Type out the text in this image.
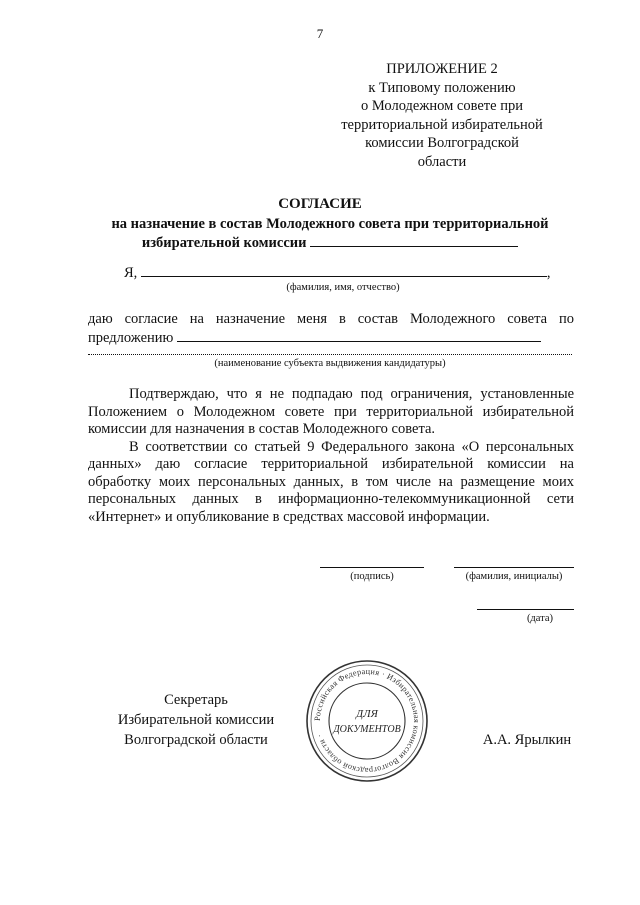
7
ПРИЛОЖЕНИЕ 2
к Типовому положению
о Молодежном совете при
территориальной избирательной
комиссии Волгоградской
области
СОГЛАСИЕ
на назначение в состав Молодежного совета при территориальной
избирательной комиссии
Я,	,
(фамилия, имя, отчество)
даю согласие на назначение меня в состав Молодежного совета по
предложению
(наименование субъекта выдвижения кандидатуры)

Подтверждаю, что я не подпадаю под ограничения, установленные Положением о Молодежном совете при территориальной избирательной комиссии для назначения в состав Молодежного совета.

В соответствии со статьей 9 Федерального закона «О персональных данных» даю согласие территориальной избирательной комиссии на обработку моих персональных данных, в том числе на размещение моих персональных данных в информационно-телекоммуникационной сети «Интернет» и опубликование в средствах массовой информации.

(подпись)	(фамилия, инициалы)
(дата)
Секретарь
Избирательной комиссии
Волгоградской области	А.А. Ярылкин
Российская Федерация · Избирательная комиссия Волгоградской области ·
ДЛЯ
ДОКУМЕНТОВ
